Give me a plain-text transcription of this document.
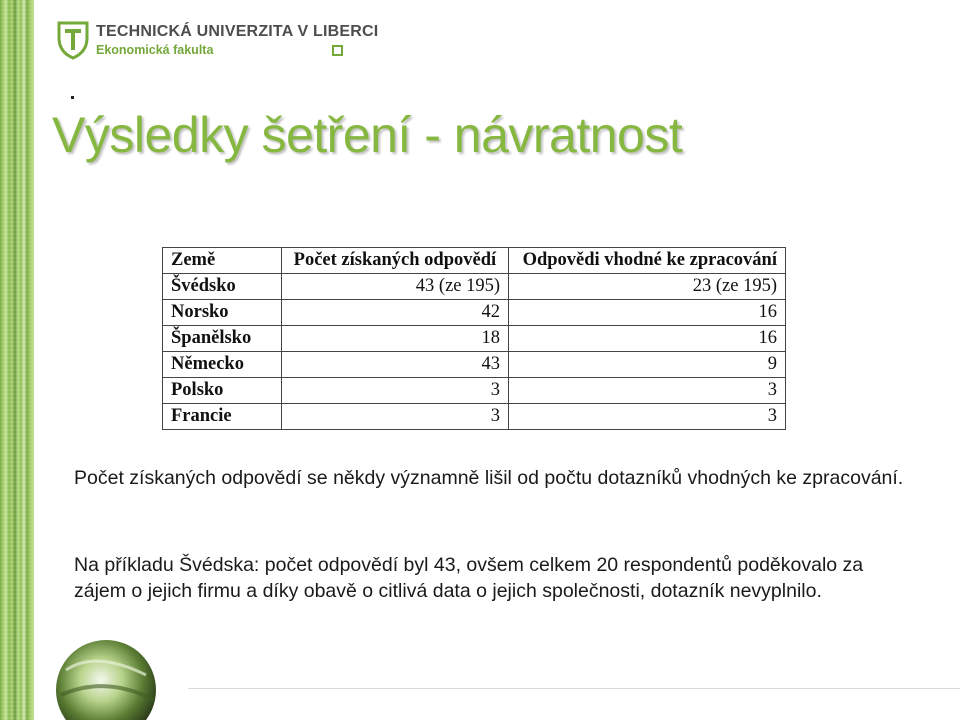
TECHNICKÁ UNIVERZITA V LIBERCI
Ekonomická fakulta
Výsledky šetření - návratnost
Země	Počet získaných odpovědí	Odpovědi vhodné ke zpracování
Švédsko	43 (ze 195)	23 (ze 195)
Norsko	42	16
Španělsko	18	16
Německo	43	9
Polsko	3	3
Francie	3	3

Počet získaných odpovědí se někdy významně lišil od počtu dotazníků vhodných ke zpracování.

Na příkladu Švédska: počet odpovědí byl 43, ovšem celkem 20 respondentů poděkovalo za zájem o jejich firmu a díky obavě o citlivá data o jejich společnosti, dotazník nevyplnilo.
